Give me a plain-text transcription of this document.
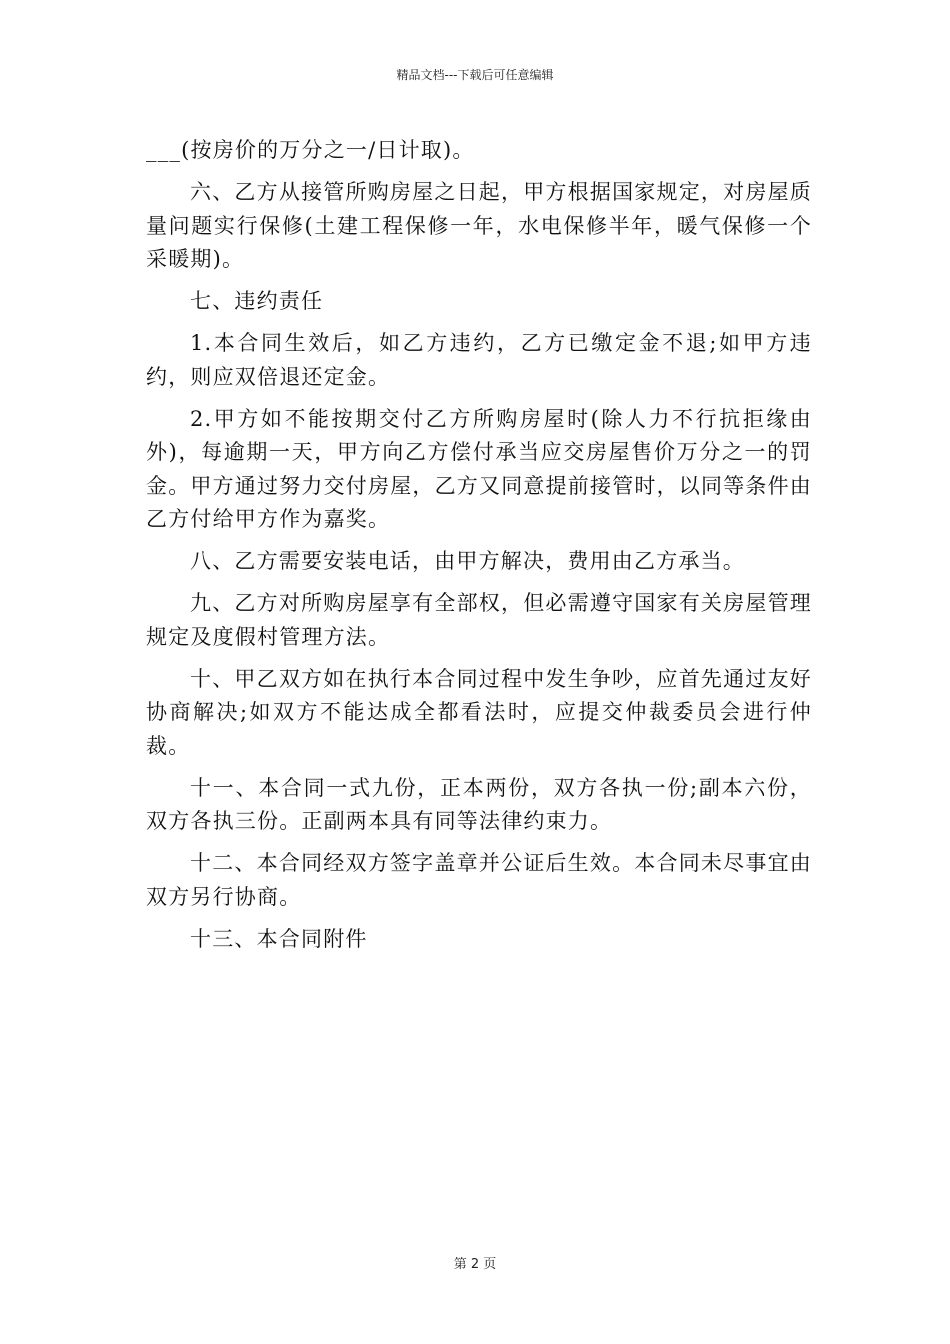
精品文档---下载后可任意编辑

___(按房价的万分之一/日计取)。

六、乙方从接管所购房屋之日起，甲方根据国家规定，对房屋质量问题实行保修(土建工程保修一年，水电保修半年，暖气保修一个采暖期)。

七、违约责任

1.本合同生效后，如乙方违约，乙方已缴定金不退;如甲方违约，则应双倍退还定金。

2.甲方如不能按期交付乙方所购房屋时(除人力不行抗拒缘由外)，每逾期一天，甲方向乙方偿付承当应交房屋售价万分之一的罚金。甲方通过努力交付房屋，乙方又同意提前接管时，以同等条件由乙方付给甲方作为嘉奖。

八、乙方需要安装电话，由甲方解决，费用由乙方承当。

九、乙方对所购房屋享有全部权，但必需遵守国家有关房屋管理规定及度假村管理方法。

十、甲乙双方如在执行本合同过程中发生争吵，应首先通过友好协商解决;如双方不能达成全都看法时，应提交仲裁委员会进行仲裁。

十一、本合同一式九份，正本两份，双方各执一份;副本六份，双方各执三份。正副两本具有同等法律约束力。

十二、本合同经双方签字盖章并公证后生效。本合同未尽事宜由双方另行协商。

十三、本合同附件

第 2 页
